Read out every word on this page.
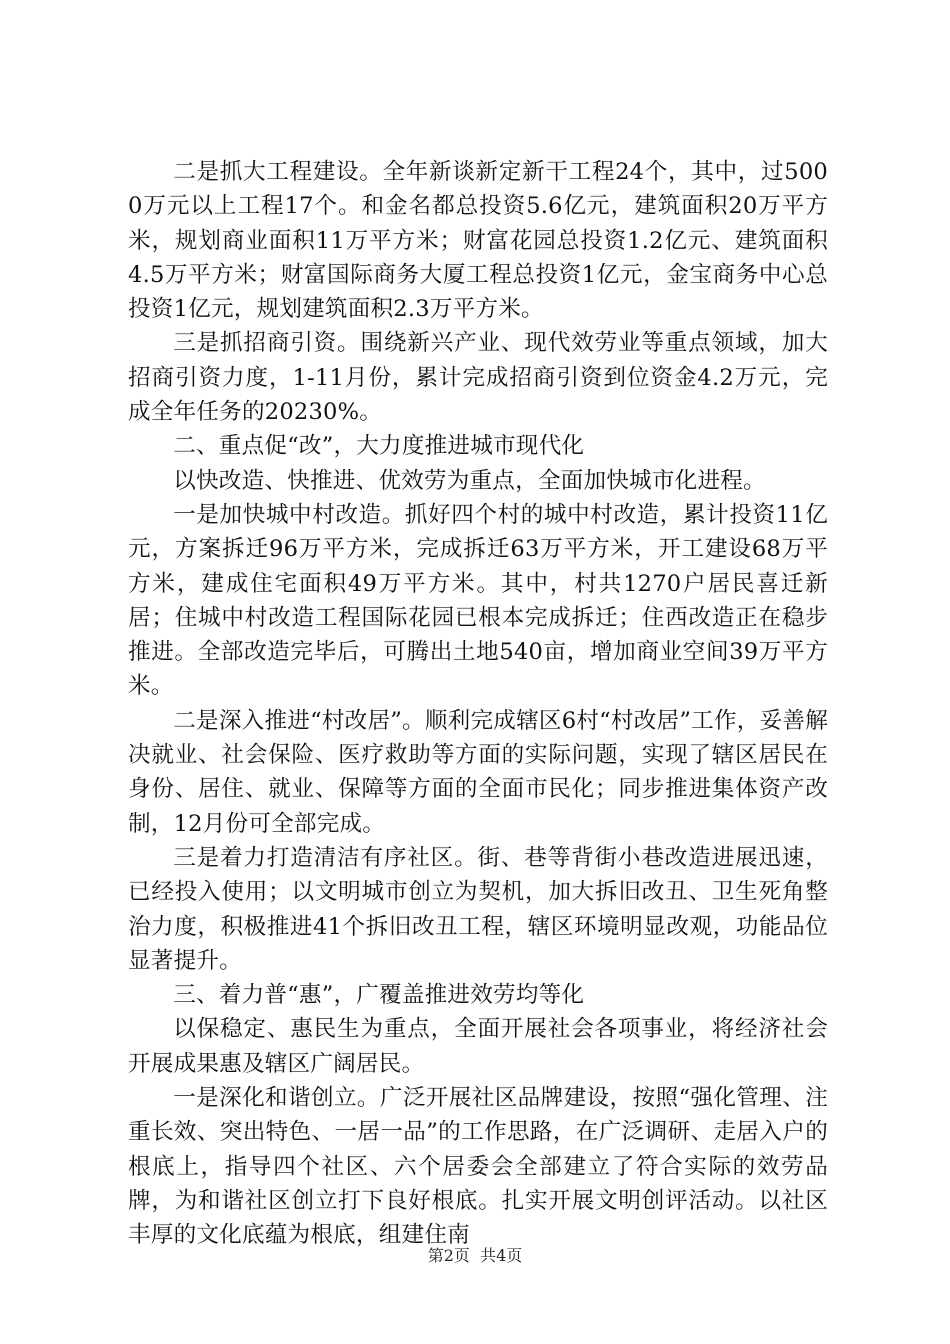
二是抓大工程建设。全年新谈新定新干工程24个，其中，过5000万元以上工程17个。和金名都总投资5.6亿元，建筑面积20万平方米，规划商业面积11万平方米；财富花园总投资1.2亿元、建筑面积4.5万平方米；财富国际商务大厦工程总投资1亿元，金宝商务中心总投资1亿元，规划建筑面积2.3万平方米。

三是抓招商引资。围绕新兴产业、现代效劳业等重点领域，加大招商引资力度，1-11月份，累计完成招商引资到位资金4.2万元，完成全年任务的20230%。

二、重点促“改”，大力度推进城市现代化

以快改造、快推进、优效劳为重点，全面加快城市化进程。

一是加快城中村改造。抓好四个村的城中村改造，累计投资11亿元，方案拆迁96万平方米，完成拆迁63万平方米，开工建设68万平方米，建成住宅面积49万平方米。其中，村共1270户居民喜迁新居；住城中村改造工程国际花园已根本完成拆迁；住西改造正在稳步推进。全部改造完毕后，可腾出土地540亩，增加商业空间39万平方米。

二是深入推进“村改居”。顺利完成辖区6村“村改居”工作，妥善解决就业、社会保险、医疗救助等方面的实际问题，实现了辖区居民在身份、居住、就业、保障等方面的全面市民化；同步推进集体资产改制，12月份可全部完成。

三是着力打造清洁有序社区。街、巷等背街小巷改造进展迅速，已经投入使用；以文明城市创立为契机，加大拆旧改丑、卫生死角整治力度，积极推进41个拆旧改丑工程，辖区环境明显改观，功能品位显著提升。

三、着力普“惠”，广覆盖推进效劳均等化

以保稳定、惠民生为重点，全面开展社会各项事业，将经济社会开展成果惠及辖区广阔居民。

一是深化和谐创立。广泛开展社区品牌建设，按照“强化管理、注重长效、突出特色、一居一品”的工作思路，在广泛调研、走居入户的根底上，指导四个社区、六个居委会全部建立了符合实际的效劳品牌，为和谐社区创立打下良好根底。扎实开展文明创评活动。以社区丰厚的文化底蕴为根底，组建住南

第2页  共4页
